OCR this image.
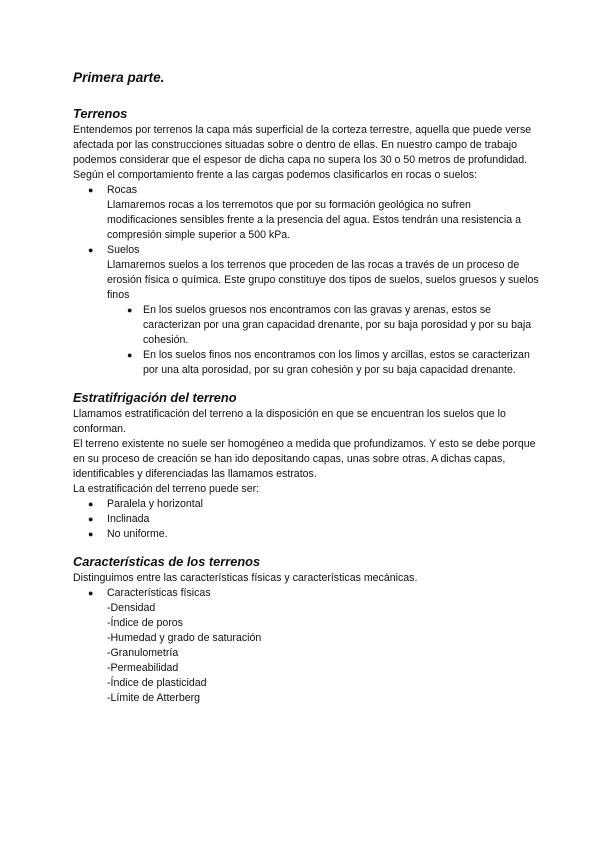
Primera parte.
Terrenos

Entendemos por terrenos la capa más superficial de la corteza terrestre, aquella que puede verse afectada por las construcciones situadas sobre o dentro de ellas. En nuestro campo de trabajo podemos considerar que el espesor de dicha capa no supera los 30 o 50 metros de profundidad.

Según el comportamiento frente a las cargas podemos clasificarlos en rocas o suelos:

● Rocas
Llamaremos rocas a los terremotos que por su formación geológica no sufren modificaciones sensibles frente a la presencia del agua. Estos tendrán una resistencia a compresión simple superior a 500 kPa.
● Suelos
Llamaremos suelos a los terrenos que proceden de las rocas a través de un proceso de erosión física o química. Este grupo constituye dos tipos de suelos, suelos gruesos y suelos finos
● En los suelos gruesos nos encontramos con las gravas y arenas, estos se caracterizan por una gran capacidad drenante, por su baja porosidad y por su baja cohesión.
● En los suelos finos nos encontramos con los limos y arcillas, estos se caracterizan por una alta porosidad, por su gran cohesión y por su baja capacidad drenante.
Estratifrigación del terreno

Llamamos estratificación del terreno a la disposición en que se encuentran los suelos que lo conforman.

El terreno existente no suele ser homogéneo a medida que profundizamos. Y esto se debe porque en su proceso de creación se han ido depositando capas, unas sobre otras. A dichas capas, identificables y diferenciadas las llamamos estratos.

La estratificación del terreno puede ser:

● Paralela y horizontal
● Inclinada
● No uniforme.
Características de los terrenos

Distinguimos entre las características físicas y características mecánicas.

● Características físicas
-Densidad
-Índice de poros
-Humedad y grado de saturación
-Granulometría
-Permeabilidad
-Índice de plasticidad
-Límite de Atterberg
